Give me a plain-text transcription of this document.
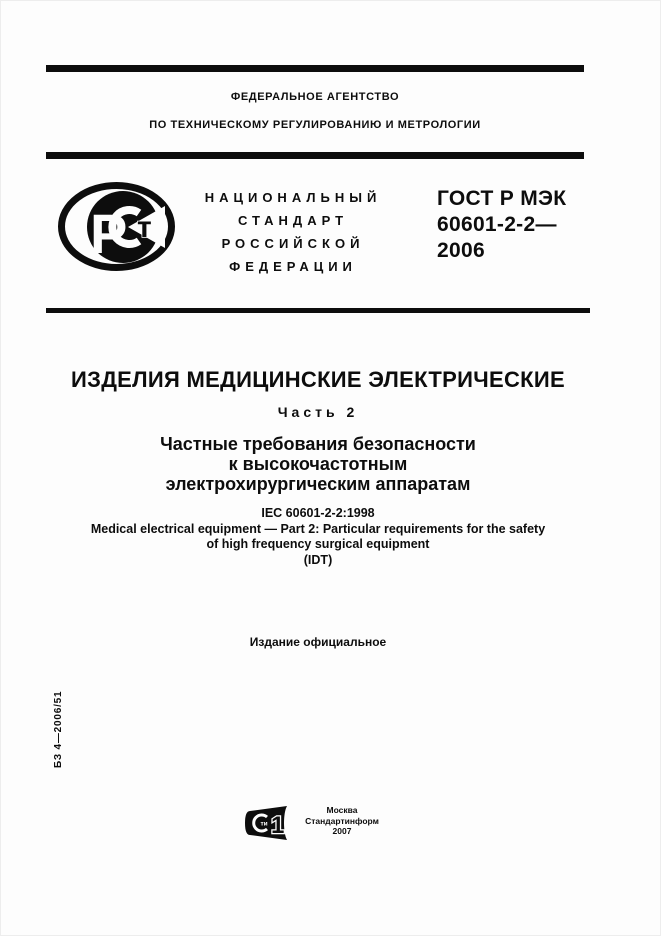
ФЕДЕРАЛЬНОЕ АГЕНТСТВО
ПО ТЕХНИЧЕСКОМУ РЕГУЛИРОВАНИЮ И МЕТРОЛОГИИ
Р т
НАЦИОНАЛЬНЫЙ
СТАНДАРТ
РОССИЙСКОЙ
ФЕДЕРАЦИИ
ГОСТ Р МЭК
60601-2-2—
2006
ИЗДЕЛИЯ МЕДИЦИНСКИЕ ЭЛЕКТРИЧЕСКИЕ
Часть 2
Частные требования безопасности
к высокочастотным
электрохирургическим аппаратам
IEC 60601-2-2:1998
Medical electrical equipment — Part 2: Particular requirements for the safety
of high frequency surgical equipment
(IDT)
Издание официальное
БЗ 4—2006/51
ти 1
Москва
Стандартинформ
2007
